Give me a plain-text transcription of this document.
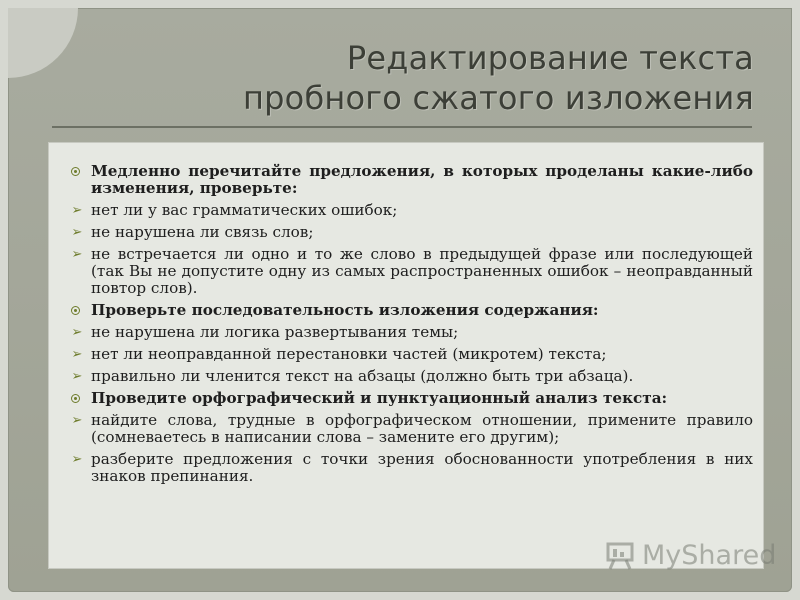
Редактирование текста
пробного сжатого изложения
Медленно перечитайте предложения, в которых проделаны какие-либо изменения, проверьте:
➢ нет ли у вас грамматических ошибок;
➢ не нарушена ли связь слов;
➢ не встречается ли одно и то же слово в предыдущей фразе или последующей (так Вы не допустите одну из самых распространенных ошибок – неоправданный повтор слов).
Проверьте последовательность изложения содержания:
➢ не нарушена ли логика развертывания темы;
➢ нет ли неоправданной перестановки частей (микротем) текста;
➢ правильно ли членится текст на абзацы (должно быть три абзаца).
Проведите орфографический и пунктуационный анализ текста:
➢ найдите слова, трудные в орфографическом отношении, примените правило (сомневаетесь в написании слова – замените его другим);
➢ разберите предложения с точки зрения обоснованности употребления в них знаков препинания.
MyShared
